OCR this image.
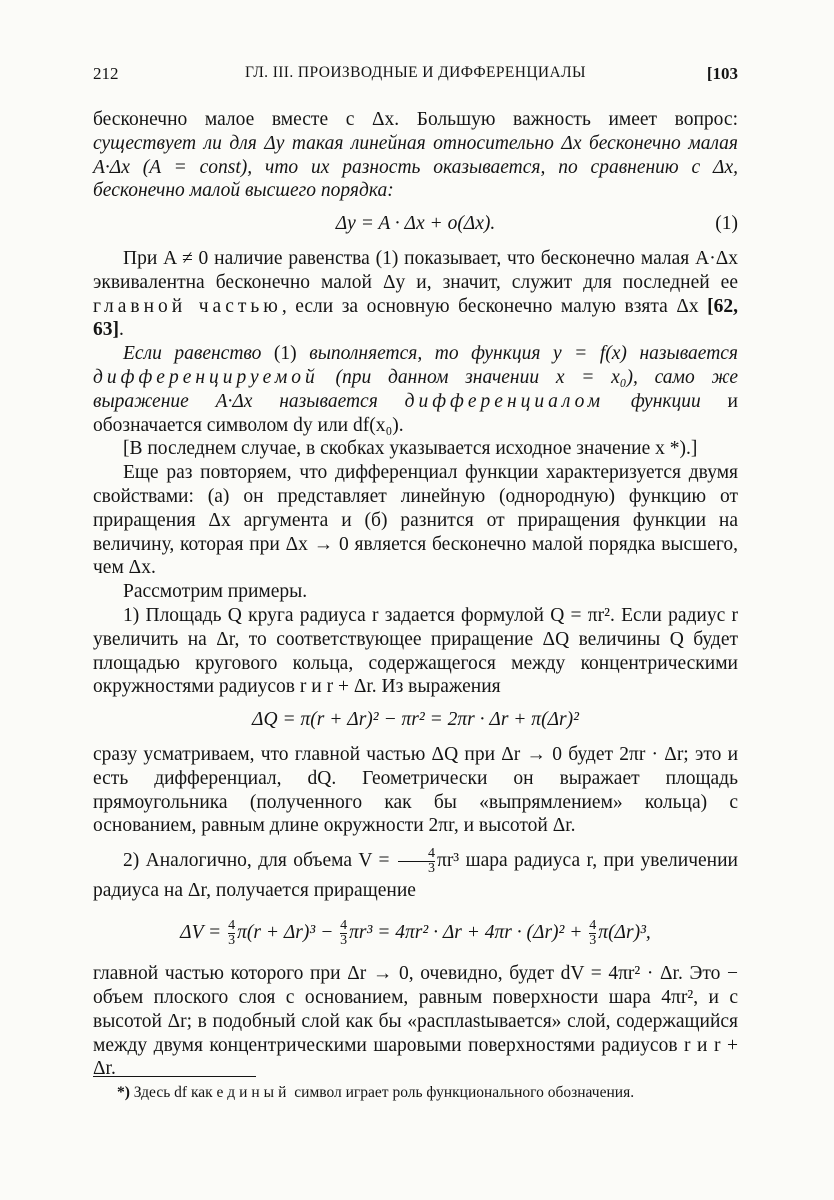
212	ГЛ. III. ПРОИЗВОДНЫЕ И ДИФФЕРЕНЦИАЛЫ	[103

бесконечно малое вместе с Δx. Большую важность имеет вопрос: существует ли для Δy такая линейная относительно Δx бесконечно малая A·Δx (A = const), что их разность оказывается, по сравнению с Δx, бесконечно малой высшего порядка:

Δy = A · Δx + o(Δx).	(1)

При A ≠ 0 наличие равенства (1) показывает, что бесконечно малая A·Δx эквивалентна бесконечно малой Δy и, значит, служит для последней ее главной частью, если за основную бесконечно малую взята Δx [62, 63].

Если равенство (1) выполняется, то функция y = f(x) называется дифференцируемой (при данном значении x = x₀), само же выражение A·Δx называется дифференциалом функции и обозначается символом dy или df(x₀).

[В последнем случае, в скобках указывается исходное значение x *).]

Еще раз повторяем, что дифференциал функции характеризуется двумя свойствами: (a) он представляет линейную (однородную) функцию от приращения Δx аргумента и (б) разнится от приращения функции на величину, которая при Δx → 0 является бесконечно малой порядка высшего, чем Δx.

Рассмотрим примеры.

1) Площадь Q круга радиуса r задается формулой Q = πr². Если радиус r увеличить на Δr, то соответствующее приращение ΔQ величины Q будет площадью кругового кольца, содержащегося между концентрическими окружностями радиусов r и r + Δr. Из выражения

ΔQ = π(r + Δr)² − πr² = 2πr · Δr + π(Δr)²

сразу усматриваем, что главной частью ΔQ при Δr → 0 будет 2πr · Δr; это и есть дифференциал, dQ. Геометрически он выражает площадь прямоугольника (полученного как бы «выпрямлением» кольца) с основанием, равным длине окружности 2πr, и высотой Δr.

2) Аналогично, для объема $V = \frac{4}{3} \pi r^3$ шара радиуса r, при увеличении радиуса на Δr, получается приращение

$\Delta V = \frac{4}{3} \pi(r + \Delta r)^3 - \frac{4}{3} \pi r^3 = 4\pi r^2 \cdot \Delta r + 4\pi r \cdot (\Delta r)^2 + \frac{4}{3} \pi(\Delta r)^3$,

главной частью которого при Δr → 0, очевидно, будет dV = 4πr² · Δr. Это − объем плоского слоя с основанием, равным поверхности шара 4πr², и с высотой Δr; в подобный слой как бы «расплastывается» слой, содержащийся между двумя концентрическими шаровыми поверхностями радиусов r и r + Δr.

*) Здесь df как единый символ играет роль функционального обозначения.
